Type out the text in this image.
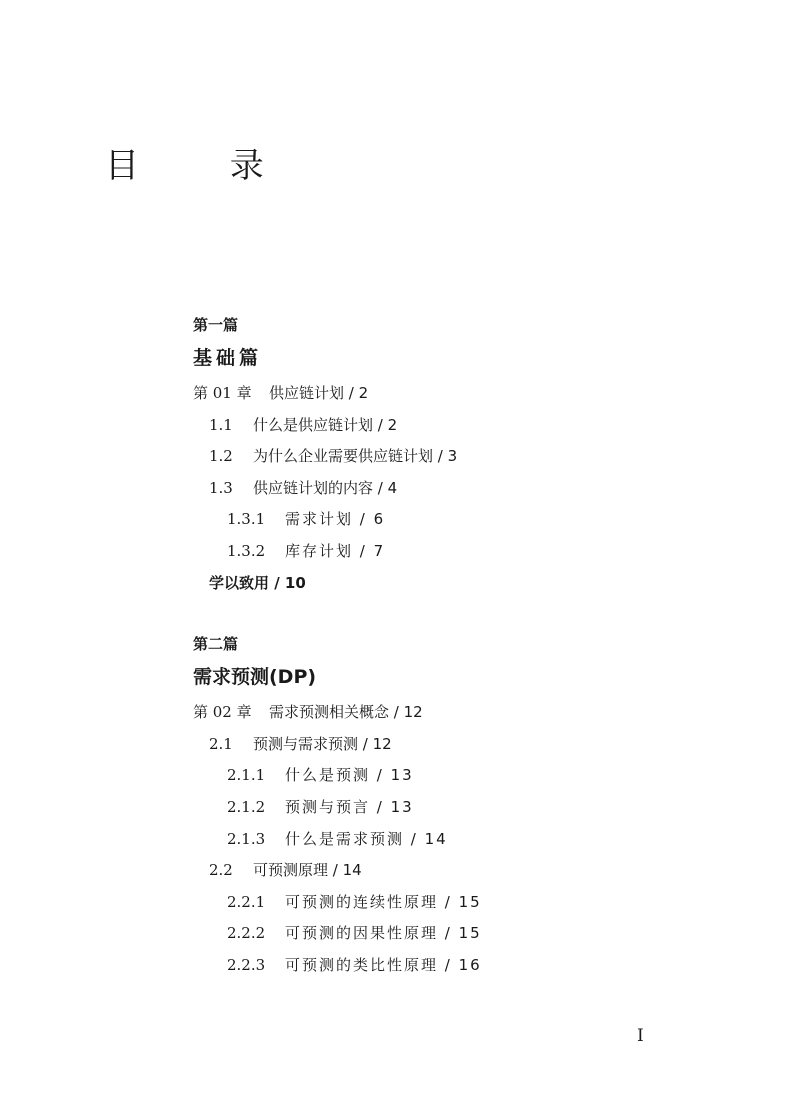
目 录
第一篇
基础篇
第 01 章 供应链计划 / 2
1.1 什么是供应链计划 / 2
1.2 为什么企业需要供应链计划 / 3
1.3 供应链计划的内容 / 4
1.3.1 需求计划 / 6
1.3.2 库存计划 / 7
学以致用 / 10
第二篇
需求预测(DP)
第 02 章 需求预测相关概念 / 12
2.1 预测与需求预测 / 12
2.1.1 什么是预测 / 13
2.1.2 预测与预言 / 13
2.1.3 什么是需求预测 / 14
2.2 可预测原理 / 14
2.2.1 可预测的连续性原理 / 15
2.2.2 可预测的因果性原理 / 15
2.2.3 可预测的类比性原理 / 16
I
